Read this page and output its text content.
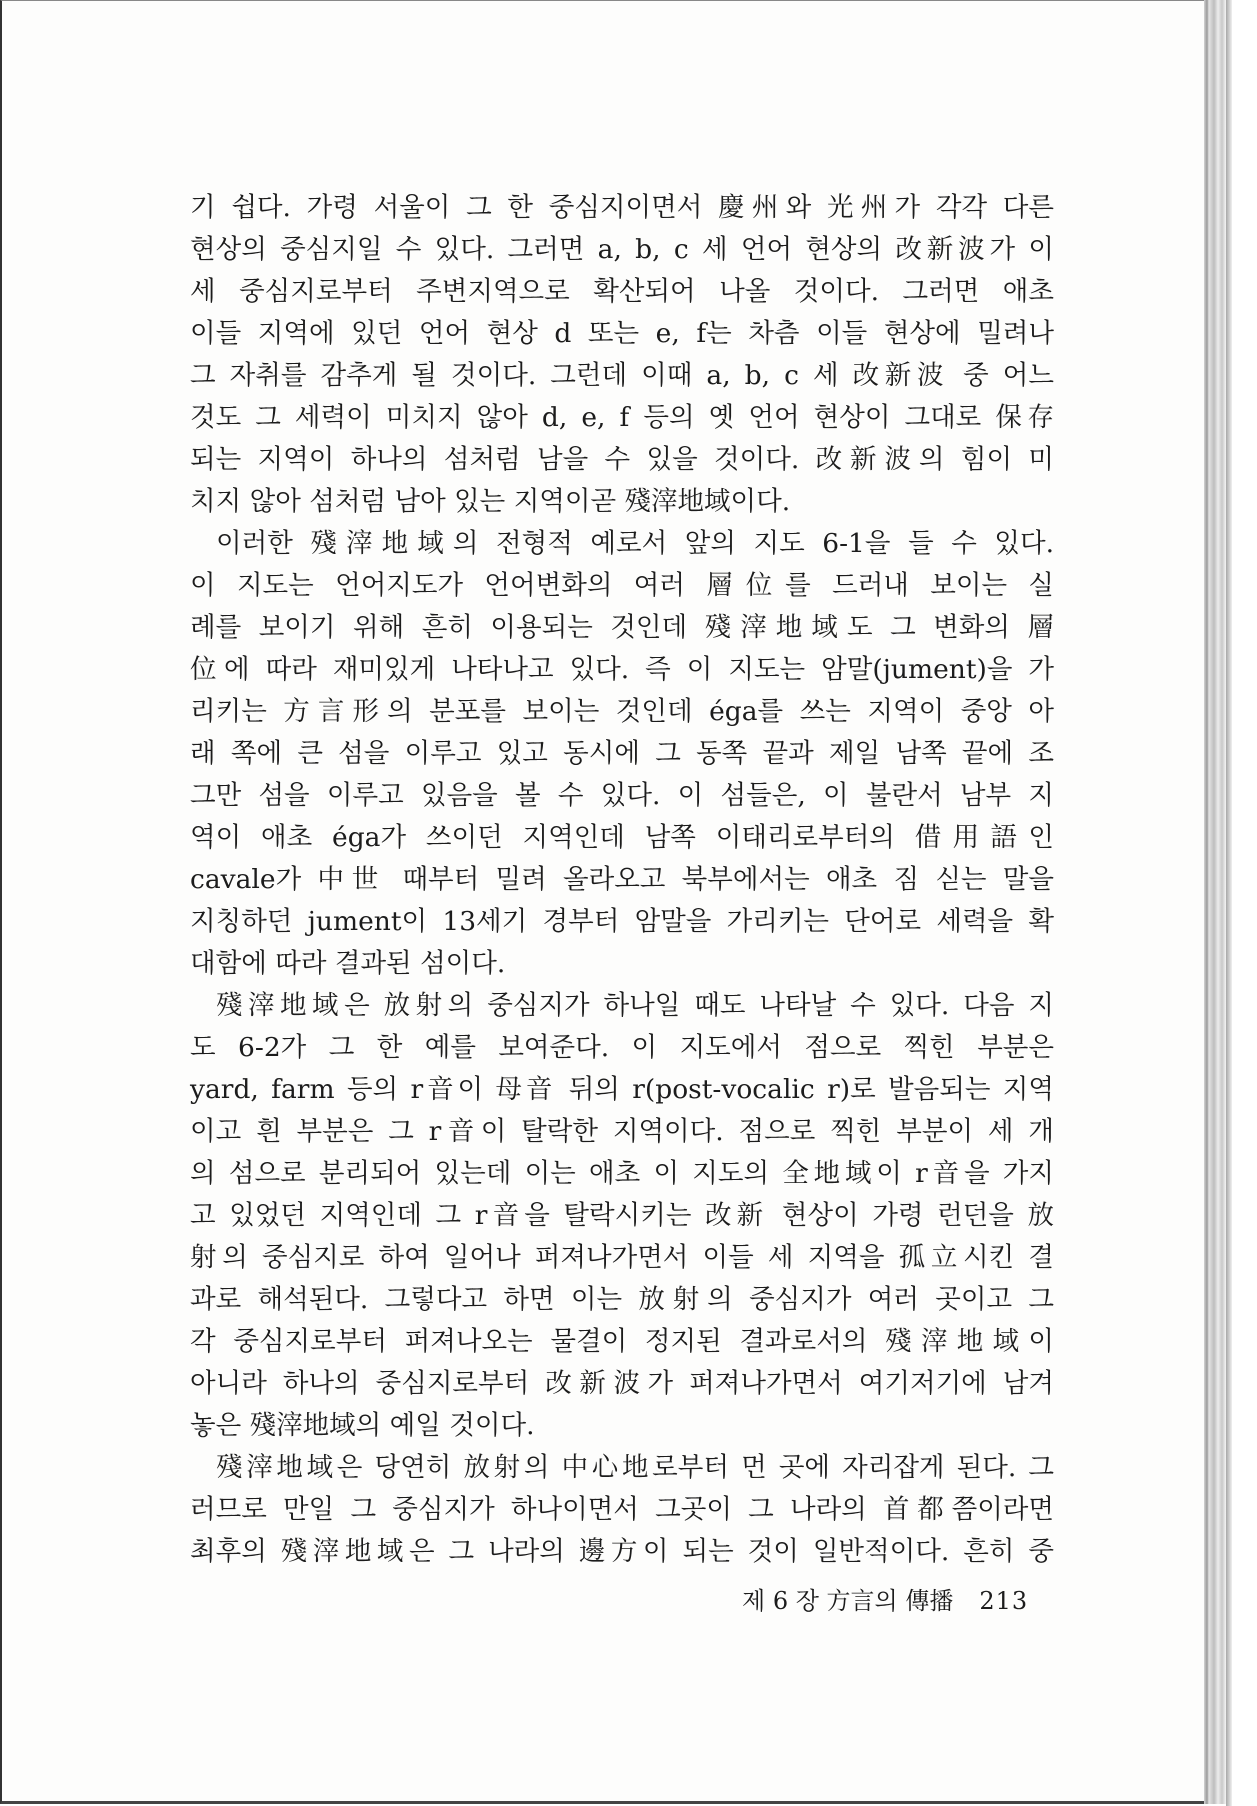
기 쉽다. 가령 서울이 그 한 중심지이면서 慶州와 光州가 각각 다른
현상의 중심지일 수 있다. 그러면 a, b, c 세 언어 현상의 改新波가 이
세 중심지로부터 주변지역으로 확산되어 나올 것이다. 그러면 애초
이들 지역에 있던 언어 현상 d 또는 e, f는 차츰 이들 현상에 밀려나
그 자취를 감추게 될 것이다. 그런데 이때 a, b, c 세 改新波 중 어느
것도 그 세력이 미치지 않아 d, e, f 등의 옛 언어 현상이 그대로 保存
되는 지역이 하나의 섬처럼 남을 수 있을 것이다. 改新波의 힘이 미
치지 않아 섬처럼 남아 있는 지역이곧 殘滓地域이다.
이러한 殘滓地域의 전형적 예로서 앞의 지도 6-1을 들 수 있다.
이 지도는 언어지도가 언어변화의 여러 層位를 드러내 보이는 실
례를 보이기 위해 흔히 이용되는 것인데 殘滓地域도 그 변화의 層
位에 따라 재미있게 나타나고 있다. 즉 이 지도는 암말(jument)을 가
리키는 方言形의 분포를 보이는 것인데 éga를 쓰는 지역이 중앙 아
래 쪽에 큰 섬을 이루고 있고 동시에 그 동쪽 끝과 제일 남쪽 끝에 조
그만 섬을 이루고 있음을 볼 수 있다. 이 섬들은, 이 불란서 남부 지
역이 애초 éga가 쓰이던 지역인데 남쪽 이태리로부터의 借用語인
cavale가 中世 때부터 밀려 올라오고 북부에서는 애초 짐 싣는 말을
지칭하던 jument이 13세기 경부터 암말을 가리키는 단어로 세력을 확
대함에 따라 결과된 섬이다.
殘滓地域은 放射의 중심지가 하나일 때도 나타날 수 있다. 다음 지
도 6-2가 그 한 예를 보여준다. 이 지도에서 점으로 찍힌 부분은
yard, farm 등의 r音이 母音 뒤의 r(post-vocalic r)로 발음되는 지역
이고 흰 부분은 그 r音이 탈락한 지역이다. 점으로 찍힌 부분이 세 개
의 섬으로 분리되어 있는데 이는 애초 이 지도의 全地域이 r音을 가지
고 있었던 지역인데 그 r音을 탈락시키는 改新 현상이 가령 런던을 放
射의 중심지로 하여 일어나 퍼져나가면서 이들 세 지역을 孤立시킨 결
과로 해석된다. 그렇다고 하면 이는 放射의 중심지가 여러 곳이고 그
각 중심지로부터 퍼져나오는 물결이 정지된 결과로서의 殘滓地域이
아니라 하나의 중심지로부터 改新波가 퍼져나가면서 여기저기에 남겨
놓은 殘滓地域의 예일 것이다.
殘滓地域은 당연히 放射의 中心地로부터 먼 곳에 자리잡게 된다. 그
러므로 만일 그 중심지가 하나이면서 그곳이 그 나라의 首都쯤이라면
최후의 殘滓地域은 그 나라의 邊方이 되는 것이 일반적이다. 흔히 중
제 6 장 方言의 傳播 213
